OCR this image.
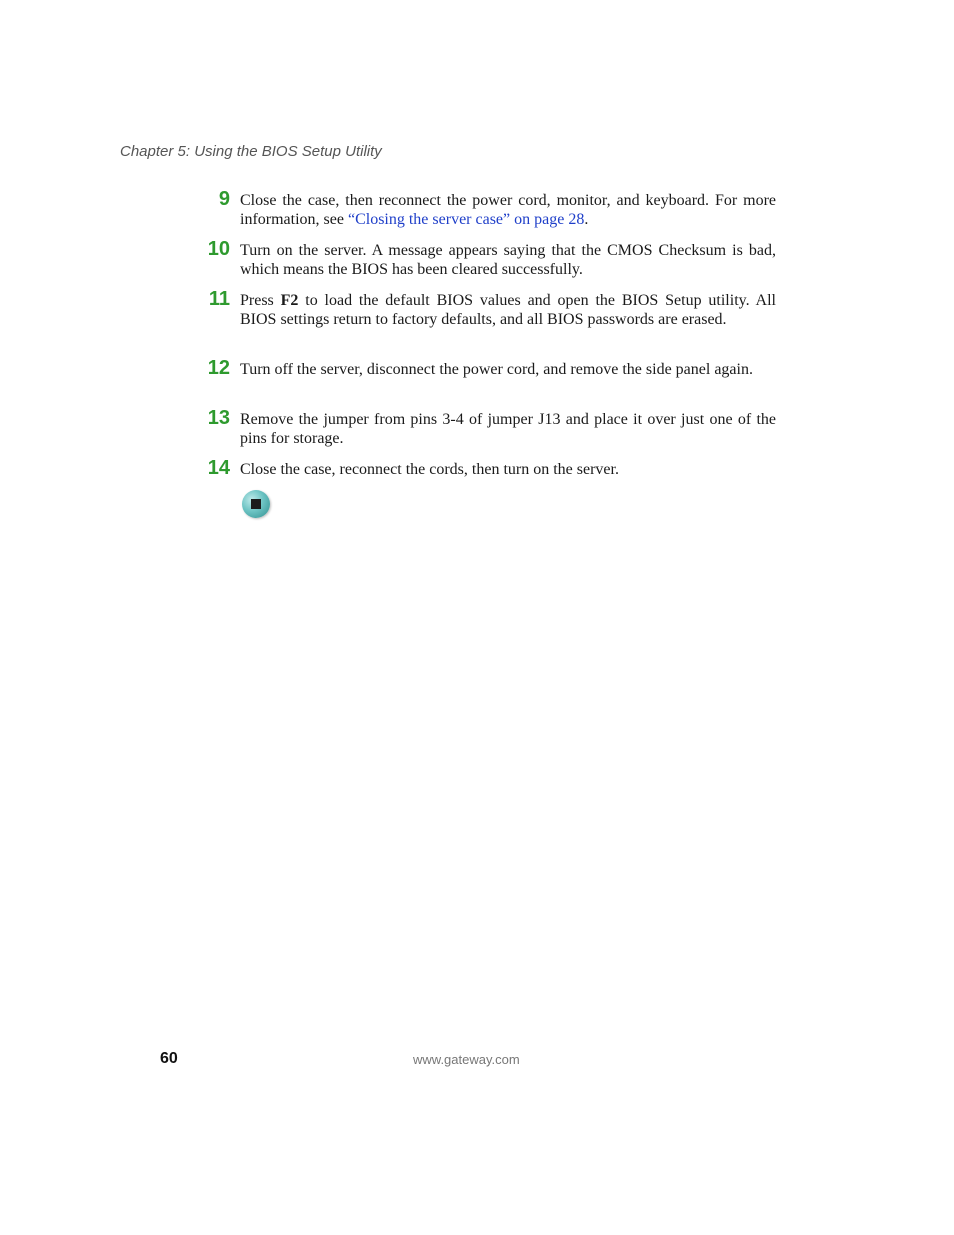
Chapter 5: Using the BIOS Setup Utility
9 Close the case, then reconnect the power cord, monitor, and keyboard. For more information, see “Closing the server case” on page 28.
10 Turn on the server. A message appears saying that the CMOS Checksum is bad, which means the BIOS has been cleared successfully.
11 Press F2 to load the default BIOS values and open the BIOS Setup utility. All BIOS settings return to factory defaults, and all BIOS passwords are erased.
12 Turn off the server, disconnect the power cord, and remove the side panel again.
13 Remove the jumper from pins 3-4 of jumper J13 and place it over just one of the pins for storage.
14 Close the case, reconnect the cords, then turn on the server.
60	www.gateway.com
